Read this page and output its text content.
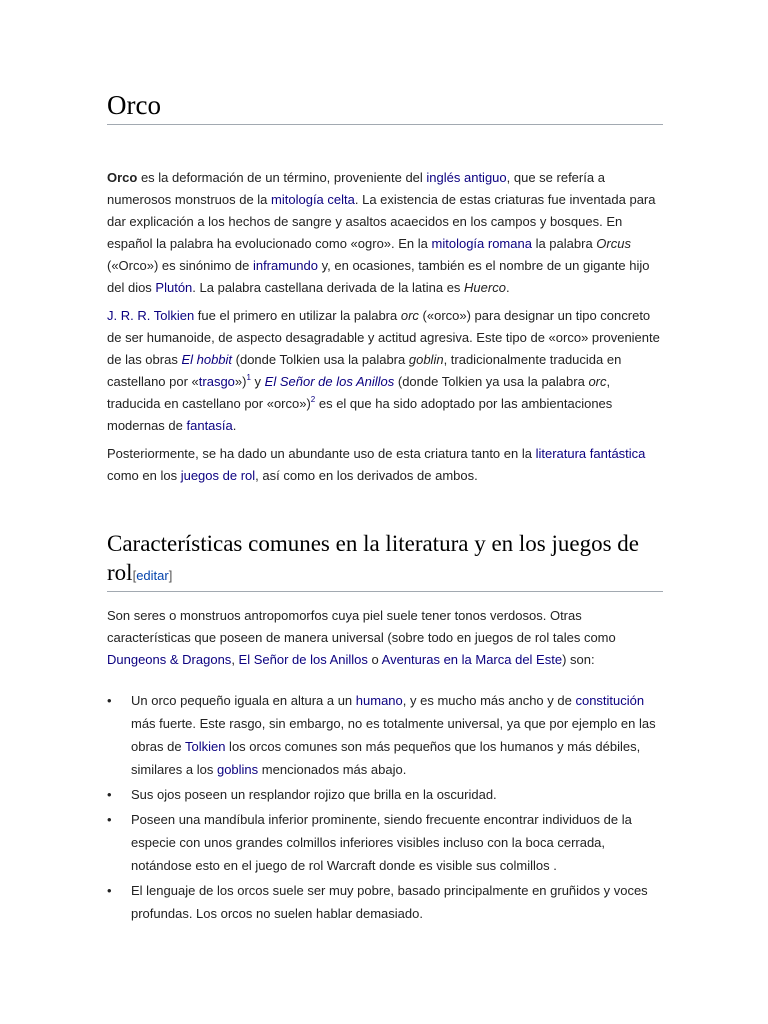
Orco

Orco es la deformación de un término, proveniente del inglés antiguo, que se refería a numerosos monstruos de la mitología celta. La existencia de estas criaturas fue inventada para dar explicación a los hechos de sangre y asaltos acaecidos en los campos y bosques. En español la palabra ha evolucionado como «ogro». En la mitología romana la palabra Orcus («Orco») es sinónimo de inframundo y, en ocasiones, también es el nombre de un gigante hijo del dios Plutón. La palabra castellana derivada de la latina es Huerco.

J. R. R. Tolkien fue el primero en utilizar la palabra orc («orco») para designar un tipo concreto de ser humanoide, de aspecto desagradable y actitud agresiva. Este tipo de «orco» proveniente de las obras El hobbit (donde Tolkien usa la palabra goblin, tradicionalmente traducida en castellano por «trasgo»)$^1$ y El Señor de los Anillos (donde Tolkien ya usa la palabra orc, traducida en castellano por «orco»)$^2$ es el que ha sido adoptado por las ambientaciones modernas de fantasía.

Posteriormente, se ha dado un abundante uso de esta criatura tanto en la literatura fantástica como en los juegos de rol, así como en los derivados de ambos.

Características comunes en la literatura y en los juegos de rol[editar]

Son seres o monstruos antropomorfos cuya piel suele tener tonos verdosos. Otras características que poseen de manera universal (sobre todo en juegos de rol tales como Dungeons & Dragons, El Señor de los Anillos o Aventuras en la Marca del Este) son:

• Un orco pequeño iguala en altura a un humano, y es mucho más ancho y de constitución más fuerte. Este rasgo, sin embargo, no es totalmente universal, ya que por ejemplo en las obras de Tolkien los orcos comunes son más pequeños que los humanos y más débiles, similares a los goblins mencionados más abajo.
• Sus ojos poseen un resplandor rojizo que brilla en la oscuridad.
• Poseen una mandíbula inferior prominente, siendo frecuente encontrar individuos de la especie con unos grandes colmillos inferiores visibles incluso con la boca cerrada, notándose esto en el juego de rol Warcraft donde es visible sus colmillos .
• El lenguaje de los orcos suele ser muy pobre, basado principalmente en gruñidos y voces profundas. Los orcos no suelen hablar demasiado.
